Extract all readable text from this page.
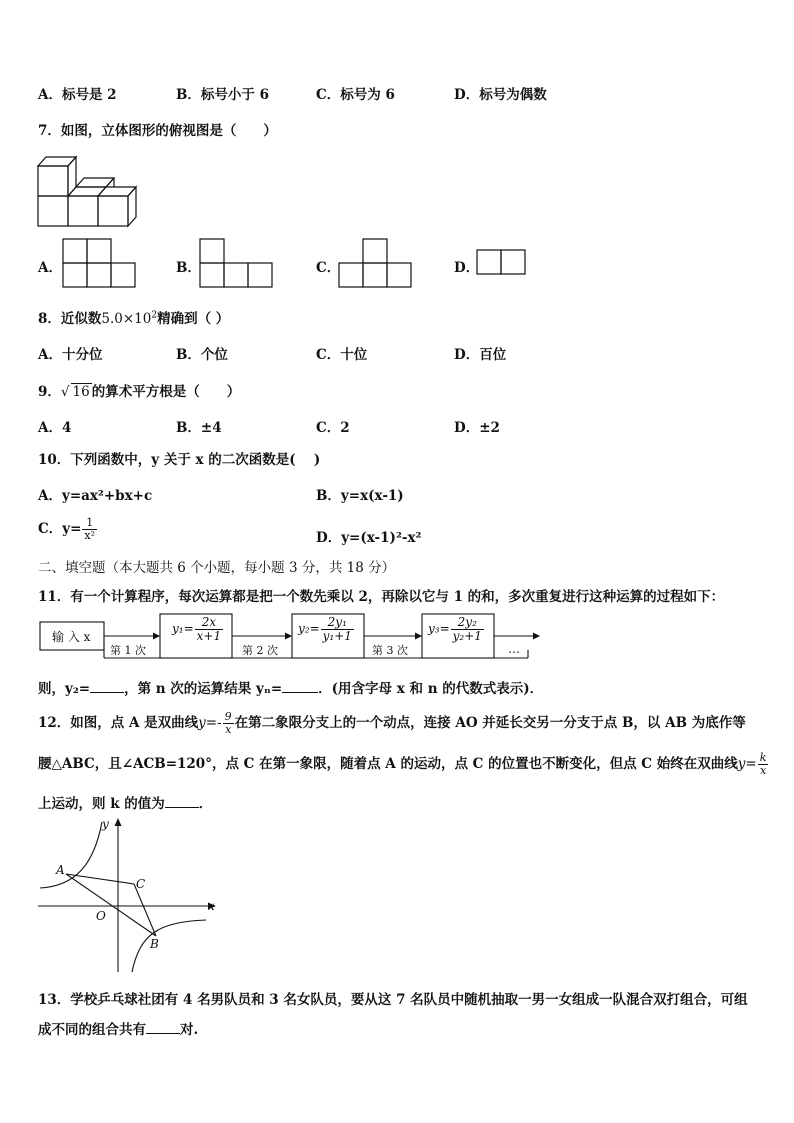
A．标号是 2	B．标号小于 6	C．标号为 6	D．标号为偶数
7．如图，立体图形的俯视图是（　　）
A．	B．	C．	D．
8．近似数$5.0\times 10^2$精确到（ ）
A．十分位	B．个位	C．十位	D．百位
9．√ 16 的算术平方根是（　　）
A．4	B．±4	C．2	D．±2
10．下列函数中，y 关于 x 的二次函数是(　 )
A．y=ax²+bx+c	B．y=x(x-1)
C．$y= \frac{1}{\text{x²}}$	D．y=(x-1)²-x²
二、填空题（本大题共 6 个小题，每小题 3 分，共 18 分）
11．有一个计算程序，每次运算都是把一个数先乘以 2，再除以它与 1 的和，多次重复进行这种运算的过程如下：
输 入 x
第 1 次	第 2 次	第 3 次	…
$y_1= \frac{2x}{x+1}$	$y_2= \frac{\text{2y₁}}{\text{y₁+1}}$	$y_3= \frac{\text{2y₂}}{\text{y₂+1}}$
则，y₂=	，第 n 次的运算结果 yₙ=	．(用含字母 x 和 n 的代数式表示)．
12．如图，点 A 是双曲线$y=- \frac{9}{x}$ 在第二象限分支上的一个动点，连接 AO 并延长交另一分支于点 B，以 AB 为底作等
腰△ABC，且∠ACB=120°，点 C 在第一象限，随着点 A 的运动，点 C 的位置也不断变化，但点 C 始终在双曲线$y= \frac{k}{x}$
上运动，则 k 的值为	．
A
B
C
O
x
y
13．学校乒乓球社团有 4 名男队员和 3 名女队员，要从这 7 名队员中随机抽取一男一女组成一队混合双打组合，可组
成不同的组合共有	对.
